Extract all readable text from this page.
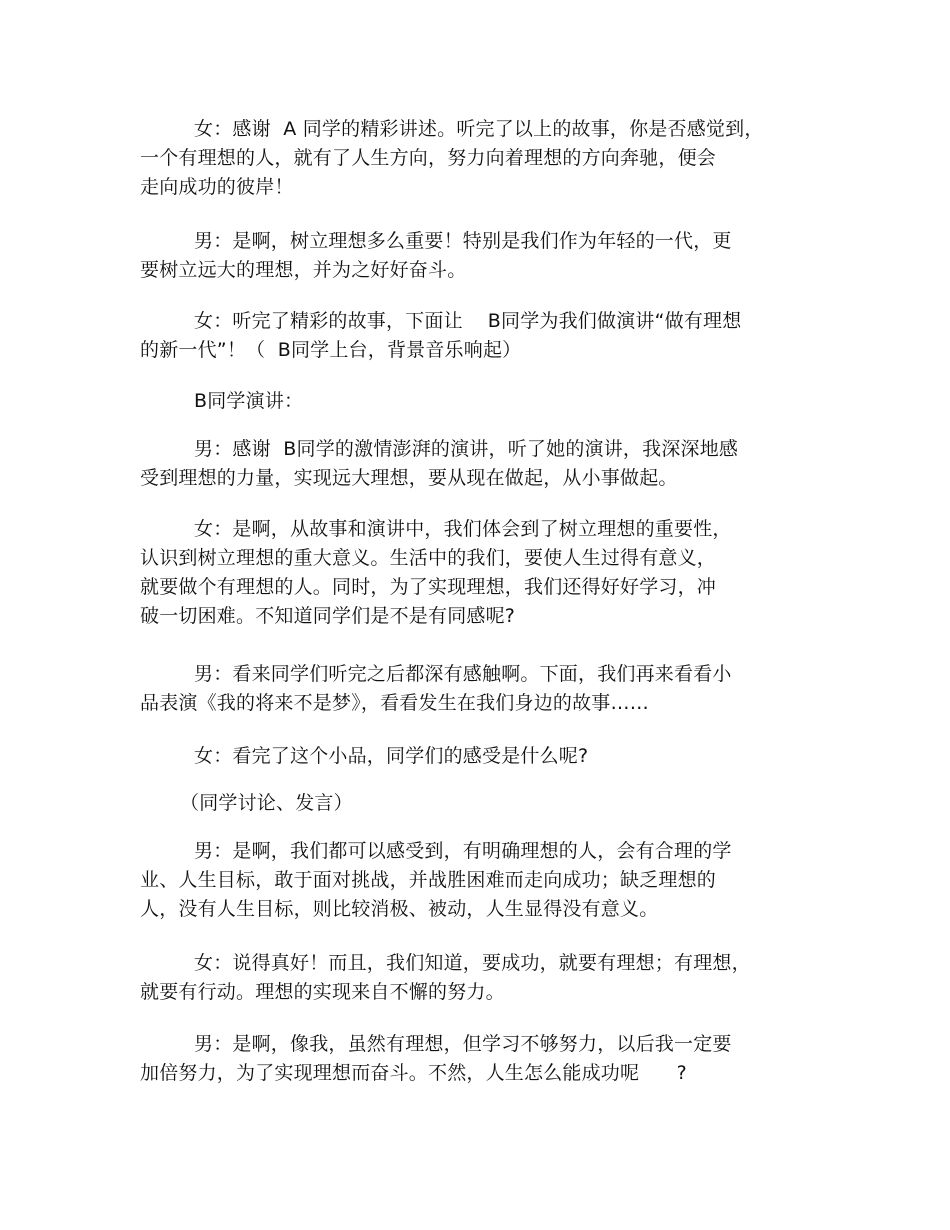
女：感谢  A 同学的精彩讲述。听完了以上的故事，你是否感觉到，
一个有理想的人，就有了人生方向，努力向着理想的方向奔驰，便会
走向成功的彼岸！

男：是啊，树立理想多么重要！特别是我们作为年轻的一代，更
要树立远大的理想，并为之好好奋斗。

女：听完了精彩的故事，下面让    B同学为我们做演讲“做有理想
的新一代”！（  B同学上台，背景音乐响起）

B同学演讲：

男：感谢  B同学的激情澎湃的演讲，听了她的演讲，我深深地感
受到理想的力量，实现远大理想，要从现在做起，从小事做起。

女：是啊，从故事和演讲中，我们体会到了树立理想的重要性，
认识到树立理想的重大意义。生活中的我们，要使人生过得有意义，
就要做个有理想的人。同时，为了实现理想，我们还得好好学习，冲
破一切困难。不知道同学们是不是有同感呢?

男：看来同学们听完之后都深有感触啊。下面，我们再来看看小
品表演《我的将来不是梦》，看看发生在我们身边的故事……

女：看完了这个小品，同学们的感受是什么呢?

（同学讨论、发言）

男：是啊，我们都可以感受到，有明确理想的人，会有合理的学
业、人生目标，敢于面对挑战，并战胜困难而走向成功；缺乏理想的
人，没有人生目标，则比较消极、被动，人生显得没有意义。

女：说得真好！而且，我们知道，要成功，就要有理想；有理想，
就要有行动。理想的实现来自不懈的努力。

男：是啊，像我，虽然有理想，但学习不够努力，以后我一定要
加倍努力，为了实现理想而奋斗。不然，人生怎么能成功呢      ?
